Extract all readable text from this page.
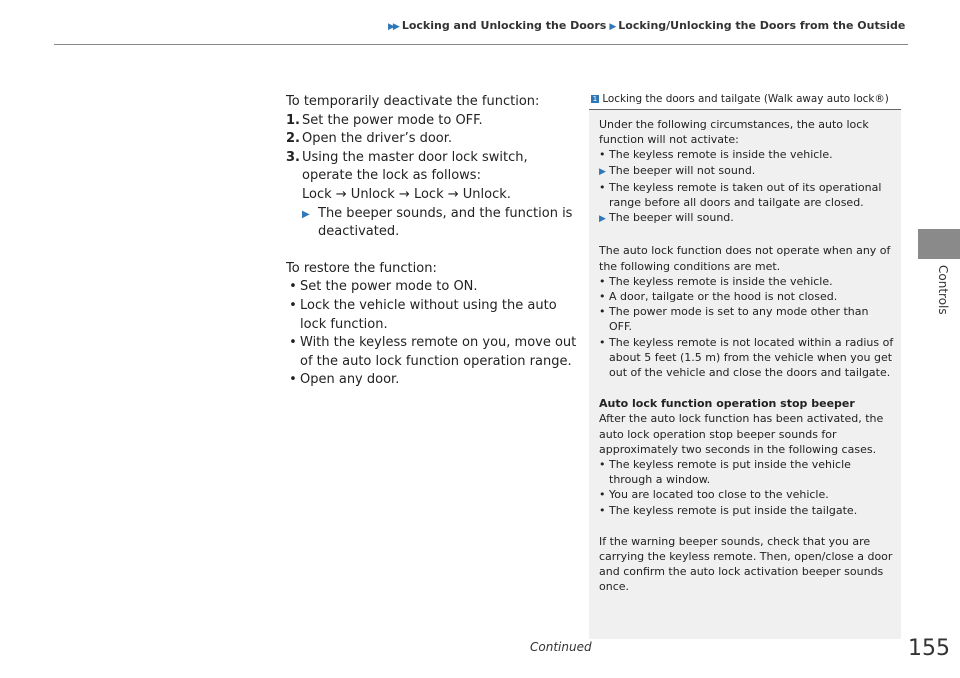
▶▶ Locking and Unlocking the Doors ▶ Locking/Unlocking the Doors from the Outside
Controls

To temporarily deactivate the function:

1. Set the power mode to OFF.
2. Open the driver’s door.
3. Using the master door lock switch, operate the lock as follows:

Lock → Unlock → Lock → Unlock.

▶ The beeper sounds, and the function is deactivated.

To restore the function:

• Set the power mode to ON.
• Lock the vehicle without using the auto lock function.
• With the keyless remote on you, move out of the auto lock function operation range.
• Open any door.
1 Locking the doors and tailgate (Walk away auto lock®)

Under the following circumstances, the auto lock function will not activate:

• The keyless remote is inside the vehicle.
▶ The beeper will not sound.
• The keyless remote is taken out of its operational range before all doors and tailgate are closed.
▶ The beeper will sound.

The auto lock function does not operate when any of the following conditions are met.

• The keyless remote is inside the vehicle.
• A door, tailgate or the hood is not closed.
• The power mode is set to any mode other than OFF.
• The keyless remote is not located within a radius of about 5 feet (1.5 m) from the vehicle when you get out of the vehicle and close the doors and tailgate.

Auto lock function operation stop beeper

After the auto lock function has been activated, the auto lock operation stop beeper sounds for approximately two seconds in the following cases.

• The keyless remote is put inside the vehicle through a window.
• You are located too close to the vehicle.
• The keyless remote is put inside the tailgate.

If the warning beeper sounds, check that you are carrying the keyless remote. Then, open/close a door and confirm the auto lock activation beeper sounds once.

Continued	155
